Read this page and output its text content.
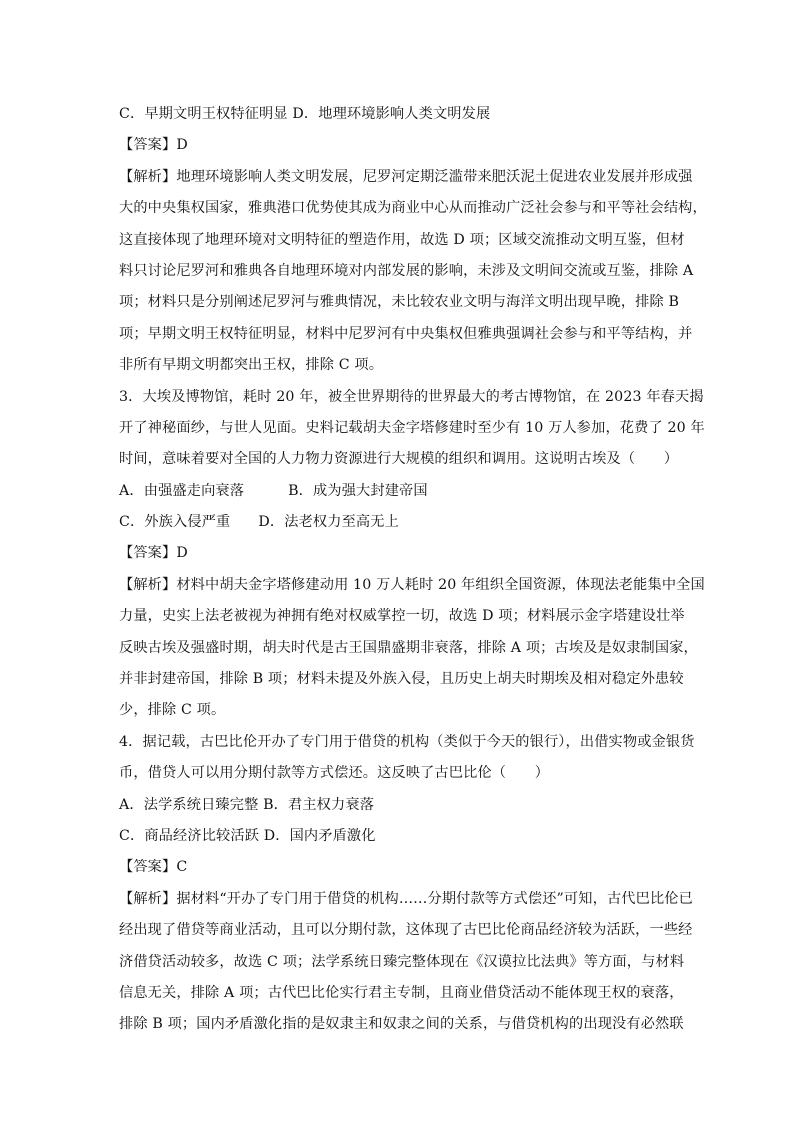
C．早期文明王权特征明显 D．地理环境影响人类文明发展
【答案】D
【解析】地理环境影响人类文明发展，尼罗河定期泛滥带来肥沃泥土促进农业发展并形成强
大的中央集权国家，雅典港口优势使其成为商业中心从而推动广泛社会参与和平等社会结构，
这直接体现了地理环境对文明特征的塑造作用，故选 D 项；区域交流推动文明互鉴，但材
料只讨论尼罗河和雅典各自地理环境对内部发展的影响，未涉及文明间交流或互鉴，排除 A
项；材料只是分别阐述尼罗河与雅典情况，未比较农业文明与海洋文明出现早晚，排除 B
项；早期文明王权特征明显，材料中尼罗河有中央集权但雅典强调社会参与和平等结构，并
非所有早期文明都突出王权，排除 C 项。
3．大埃及博物馆，耗时 20 年，被全世界期待的世界最大的考古博物馆，在 2023 年春天揭
开了神秘面纱，与世人见面。史料记载胡夫金字塔修建时至少有 10 万人参加，花费了 20 年
时间，意味着要对全国的人力物力资源进行大规模的组织和调用。这说明古埃及（　　）
A．由强盛走向衰落	B．成为强大封建帝国
C．外族入侵严重 D．法老权力至高无上
【答案】D
【解析】材料中胡夫金字塔修建动用 10 万人耗时 20 年组织全国资源，体现法老能集中全国
力量，史实上法老被视为神拥有绝对权威掌控一切，故选 D 项；材料展示金字塔建设壮举
反映古埃及强盛时期，胡夫时代是古王国鼎盛期非衰落，排除 A 项；古埃及是奴隶制国家，
并非封建帝国，排除 B 项；材料未提及外族入侵，且历史上胡夫时期埃及相对稳定外患较
少，排除 C 项。
4．据记载，古巴比伦开办了专门用于借贷的机构（类似于今天的银行），出借实物或金银货
币，借贷人可以用分期付款等方式偿还。这反映了古巴比伦（　　）
A．法学系统日臻完整 B．君主权力衰落
C．商品经济比较活跃 D．国内矛盾激化
【答案】C
【解析】据材料“开办了专门用于借贷的机构……分期付款等方式偿还”可知，古代巴比伦已
经出现了借贷等商业活动，且可以分期付款，这体现了古巴比伦商品经济较为活跃，一些经
济借贷活动较多，故选 C 项；法学系统日臻完整体现在《汉谟拉比法典》等方面，与材料
信息无关，排除 A 项；古代巴比伦实行君主专制，且商业借贷活动不能体现王权的衰落，
排除 B 项；国内矛盾激化指的是奴隶主和奴隶之间的关系，与借贷机构的出现没有必然联
